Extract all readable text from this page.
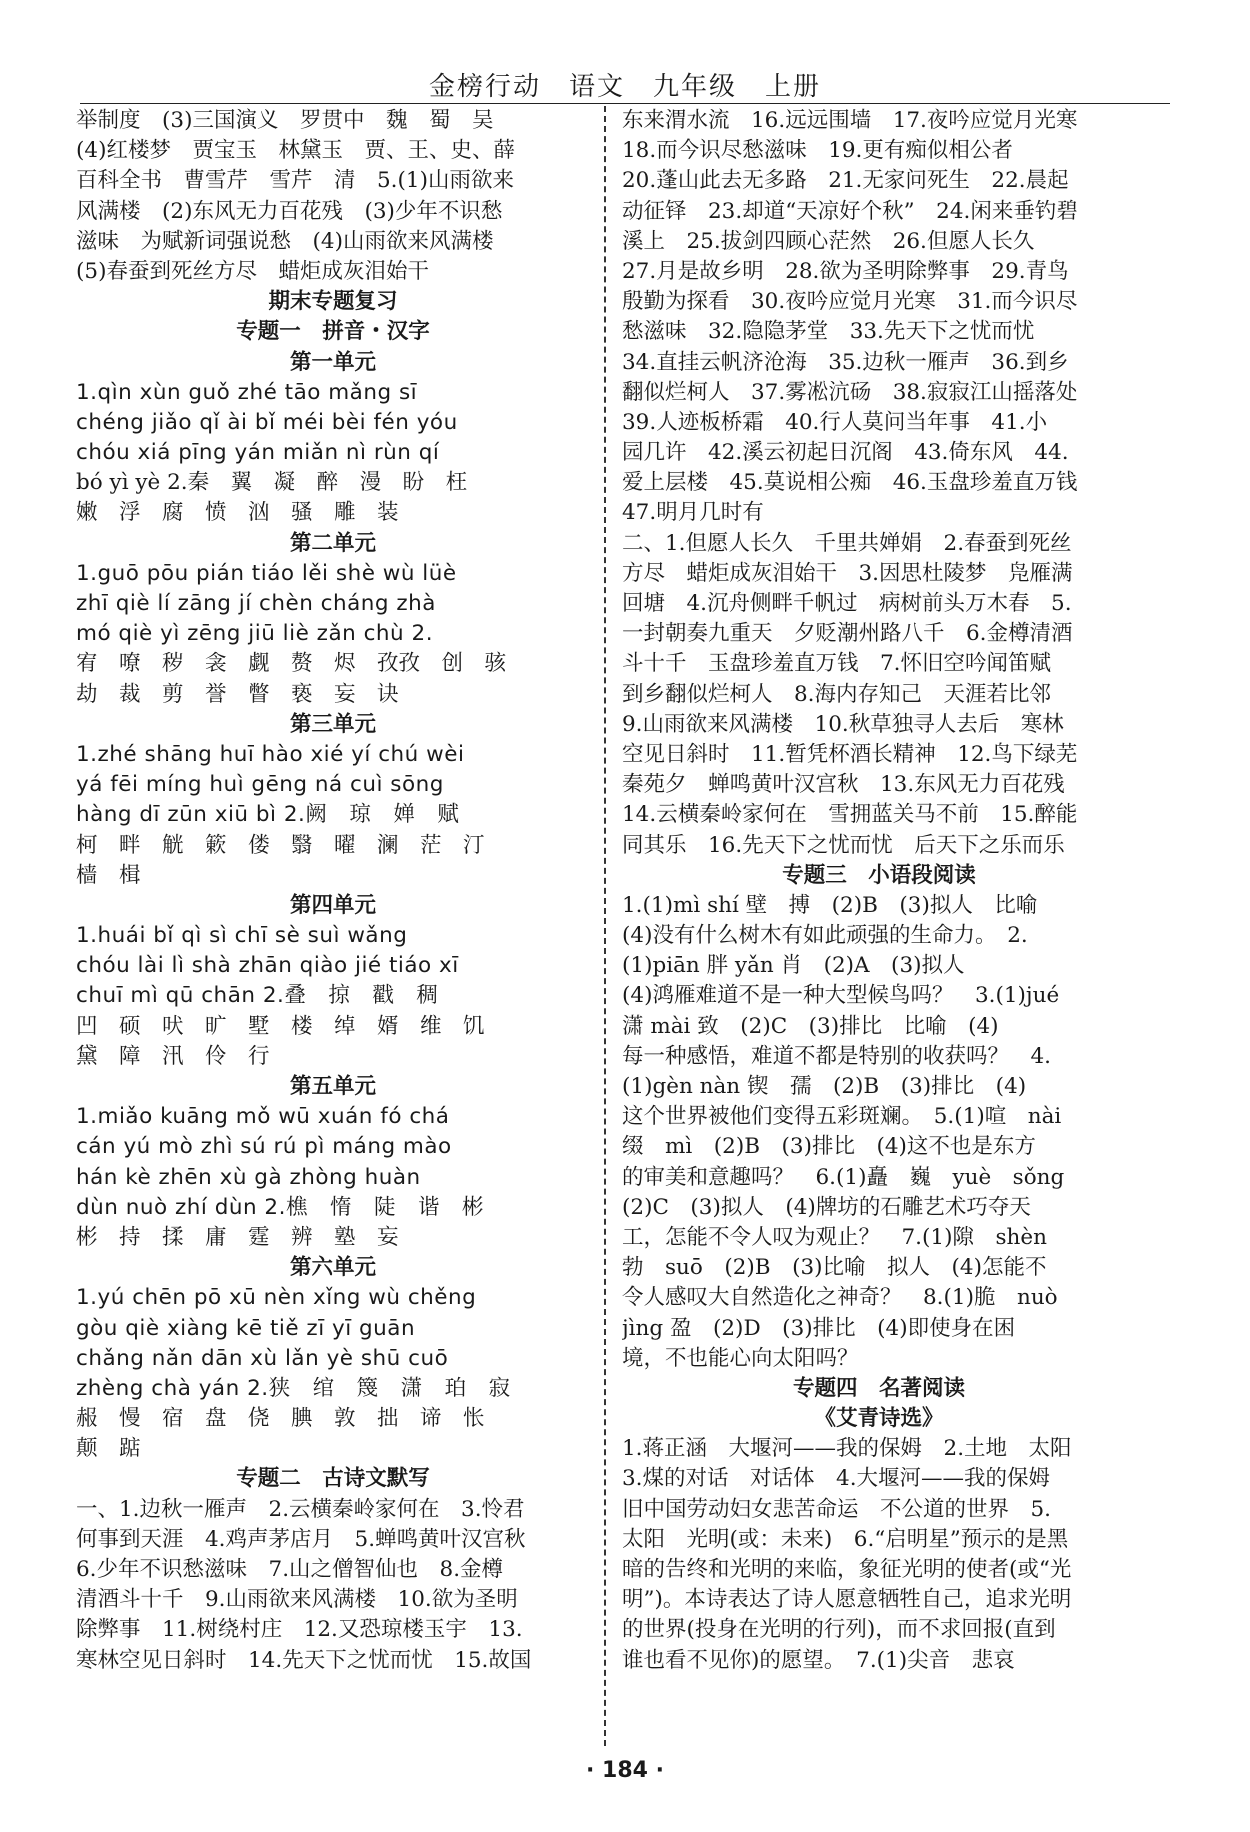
金榜行动　语文　九年级　上册
举制度　(3)三国演义　罗贯中　魏　蜀　吴
(4)红楼梦　贾宝玉　林黛玉　贾、王、史、薛
百科全书　曹雪芹　雪芹　清　5.(1)山雨欲来
风满楼　(2)东风无力百花残　(3)少年不识愁
滋味　为赋新词强说愁　(4)山雨欲来风满楼
(5)春蚕到死丝方尽　蜡炬成灰泪始干
期末专题复习
专题一　拼音・汉字
第一单元
1.qìn xùn guǒ zhé tāo mǎng sī
chéng jiǎo qǐ ài bǐ méi bèi fén yóu
chóu xiá pīng yán miǎn nì rùn qí
bó yì yè 2.秦　翼　凝　醉　漫　盼　枉
嫩　浮　腐　愤　汹　骚　雕　装
第二单元
1.guō pōu pián tiáo lěi shè wù lüè
zhī qiè lí zāng jí chèn cháng zhà
mó qiè yì zēng jiū liè zǎn chù 2.
宥　嘹　秽　衾　觑　赘　烬　孜孜　创　骇
劫　裁　剪　誉　瞥　亵　妄　诀
第三单元
1.zhé shāng huī hào xié yí chú wèi
yá fēi míng huì gēng ná cuì sōng
hàng dī zūn xiū bì 2.阙　琼　婵　赋
柯　畔　觥　簌　偻　翳　曜　澜　茫　汀
樯　楫
第四单元
1.huái bǐ qì sì chī sè suì wǎng
chóu lài lì shà zhān qiào jié tiáo xī
chuī mì qū chān 2.叠　掠　戳　稠
凹　硕　吠　旷　墅　楼　绰　婿　维　饥
黛　障　汛　伶　行
第五单元
1.miǎo kuāng mǒ wū xuán fó chá
cán yú mò zhì sú rú pì máng mào
hán kè zhēn xù gà zhòng huàn
dùn nuò zhí dùn 2.樵　惰　陡　谐　彬
彬　持　揉　庸　霆　辨　塾　妄
第六单元
1.yú chēn pō xū nèn xǐng wù chěng
gòu qiè xiàng kē tiě zī yī guān
chǎng nǎn dān xù lǎn yè shū cuō
zhèng chà yán 2.狭　绾　篾　潇　珀　寂
赧　慢　宿　盘　侥　腆　敦　拙　谛　怅
颠　踮
专题二　古诗文默写
一、1.边秋一雁声　2.云横秦岭家何在　3.怜君
何事到天涯　4.鸡声茅店月　5.蝉鸣黄叶汉宫秋
6.少年不识愁滋味　7.山之僧智仙也　8.金樽
清酒斗十千　9.山雨欲来风满楼　10.欲为圣明
除弊事　11.树绕村庄　12.又恐琼楼玉宇　13.
寒林空见日斜时　14.先天下之忧而忧　15.故国
东来渭水流　16.远远围墙　17.夜吟应觉月光寒
18.而今识尽愁滋味　19.更有痴似相公者
20.蓬山此去无多路　21.无家问死生　22.晨起
动征铎　23.却道“天凉好个秋”　24.闲来垂钓碧
溪上　25.拔剑四顾心茫然　26.但愿人长久
27.月是故乡明　28.欲为圣明除弊事　29.青鸟
殷勤为探看　30.夜吟应觉月光寒　31.而今识尽
愁滋味　32.隐隐茅堂　33.先天下之忧而忧
34.直挂云帆济沧海　35.边秋一雁声　36.到乡
翻似烂柯人　37.雾凇沆砀　38.寂寂江山摇落处
39.人迹板桥霜　40.行人莫问当年事　41.小
园几许　42.溪云初起日沉阁　43.倚东风　44.
爱上层楼　45.莫说相公痴　46.玉盘珍羞直万钱
47.明月几时有
二、1.但愿人长久　千里共婵娟　2.春蚕到死丝
方尽　蜡炬成灰泪始干　3.因思杜陵梦　凫雁满
回塘　4.沉舟侧畔千帆过　病树前头万木春　5.
一封朝奏九重天　夕贬潮州路八千　6.金樽清酒
斗十千　玉盘珍羞直万钱　7.怀旧空吟闻笛赋
到乡翻似烂柯人　8.海内存知己　天涯若比邻
9.山雨欲来风满楼　10.秋草独寻人去后　寒林
空见日斜时　11.暂凭杯酒长精神　12.鸟下绿芜
秦苑夕　蝉鸣黄叶汉宫秋　13.东风无力百花残
14.云横秦岭家何在　雪拥蓝关马不前　15.醉能
同其乐　16.先天下之忧而忧　后天下之乐而乐
专题三　小语段阅读
1.(1)mì shí 壁　搏　(2)B　(3)拟人　比喻
(4)没有什么树木有如此顽强的生命力。　2.
(1)piān 胖 yǎn 肖　(2)A　(3)拟人
(4)鸿雁难道不是一种大型候鸟吗？　3.(1)jué
潇 mài 致　(2)C　(3)排比　比喻　(4)
每一种感悟，难道不都是特别的收获吗？　4.
(1)gèn nàn 锲　孺　(2)B　(3)排比　(4)
这个世界被他们变得五彩斑斓。　5.(1)喧　nài
缀　mì　(2)B　(3)排比　(4)这不也是东方
的审美和意趣吗？　6.(1)矗　巍　yuè　sǒng
(2)C　(3)拟人　(4)牌坊的石雕艺术巧夺天
工，怎能不令人叹为观止？　7.(1)隙　shèn
勃　suō　(2)B　(3)比喻　拟人　(4)怎能不
令人感叹大自然造化之神奇？　8.(1)脆　nuò
jìng 盈　(2)D　(3)排比　(4)即使身在困
境，不也能心向太阳吗？
专题四　名著阅读
《艾青诗选》
1.蒋正涵　大堰河——我的保姆　2.土地　太阳
3.煤的对话　对话体　4.大堰河——我的保姆
旧中国劳动妇女悲苦命运　不公道的世界　5.
太阳　光明(或：未来)　6.“启明星”预示的是黑
暗的告终和光明的来临，象征光明的使者(或“光
明”)。本诗表达了诗人愿意牺牲自己，追求光明
的世界(投身在光明的行列)，而不求回报(直到
谁也看不见你)的愿望。　7.(1)尖音　悲哀
· 184 ·
